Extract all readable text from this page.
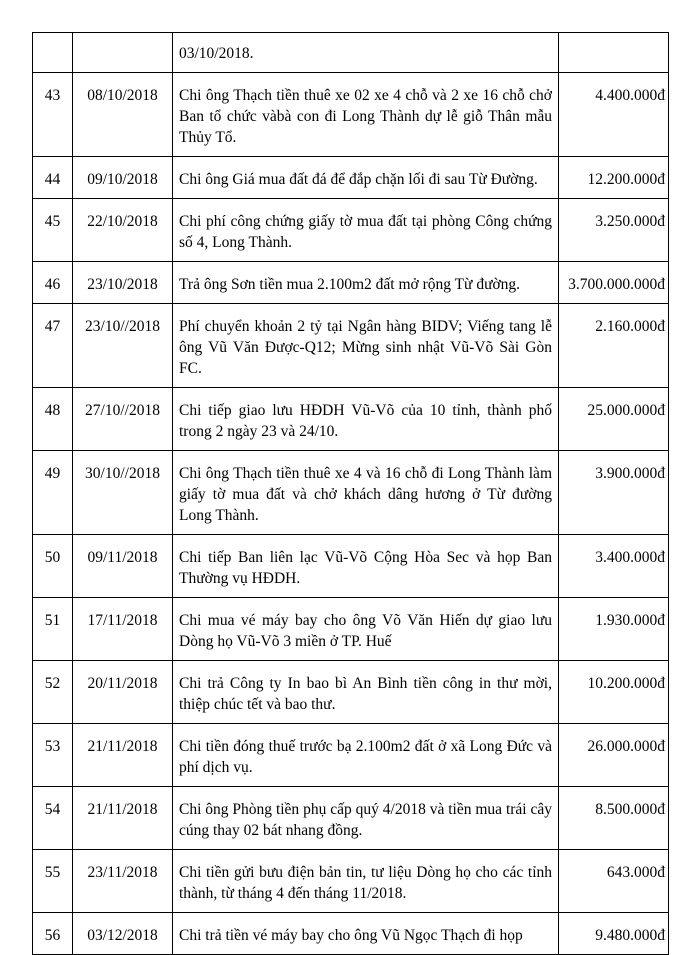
		03/10/2018.	
43	08/10/2018	Chi ông Thạch tiền thuê xe 02 xe 4 chỗ và 2 xe 16 chỗ chở Ban tổ chức vàbà con đi Long Thành dự lễ giỗ Thân mẫu Thủy Tổ.	4.400.000đ
44	09/10/2018	Chi ông Giá mua đất đá để đắp chặn lối đi sau Từ Đường.	12.200.000đ
45	22/10/2018	Chi phí công chứng giấy tờ mua đất tại phòng Công chứng số 4, Long Thành.	3.250.000đ
46	23/10/2018	Trả ông Sơn tiền mua 2.100m2 đất mở rộng Từ đường.	3.700.000.000đ
47	23/10//2018	Phí chuyển khoản 2 tỷ tại Ngân hàng BIDV; Viếng tang lễ ông Vũ Văn Được-Q12; Mừng sinh nhật Vũ-Võ Sài Gòn FC.	2.160.000đ
48	27/10//2018	Chi tiếp giao lưu HĐDH Vũ-Võ của 10 tỉnh, thành phố trong 2 ngày 23 và 24/10.	25.000.000đ
49	30/10//2018	Chi ông Thạch tiền thuê xe 4 và 16 chỗ đi Long Thành làm giấy tờ mua đất và chở khách dâng hương ở Từ đường Long Thành.	3.900.000đ
50	09/11/2018	Chi tiếp Ban liên lạc Vũ-Võ Cộng Hòa Sec và họp Ban Thường vụ HĐDH.	3.400.000đ
51	17/11/2018	Chi mua vé máy bay cho ông Võ Văn Hiến dự giao lưu Dòng họ Vũ-Võ 3 miền ở TP. Huế	1.930.000đ
52	20/11/2018	Chi trả Công ty In bao bì An Bình tiền công in thư mời, thiệp chúc tết và bao thư.	10.200.000đ
53	21/11/2018	Chi tiền đóng thuế trước bạ 2.100m2 đất ở xã Long Đức và phí dịch vụ.	26.000.000đ
54	21/11/2018	Chi ông Phòng tiền phụ cấp quý 4/2018 và tiền mua trái cây cúng thay 02 bát nhang đồng.	8.500.000đ
55	23/11/2018	Chi tiền gửi bưu điện bản tin, tư liệu Dòng họ cho các tỉnh thành, từ tháng 4 đến tháng 11/2018.	643.000đ
56	03/12/2018	Chi trả tiền vé máy bay cho ông Vũ Ngọc Thạch đi họp	9.480.000đ
